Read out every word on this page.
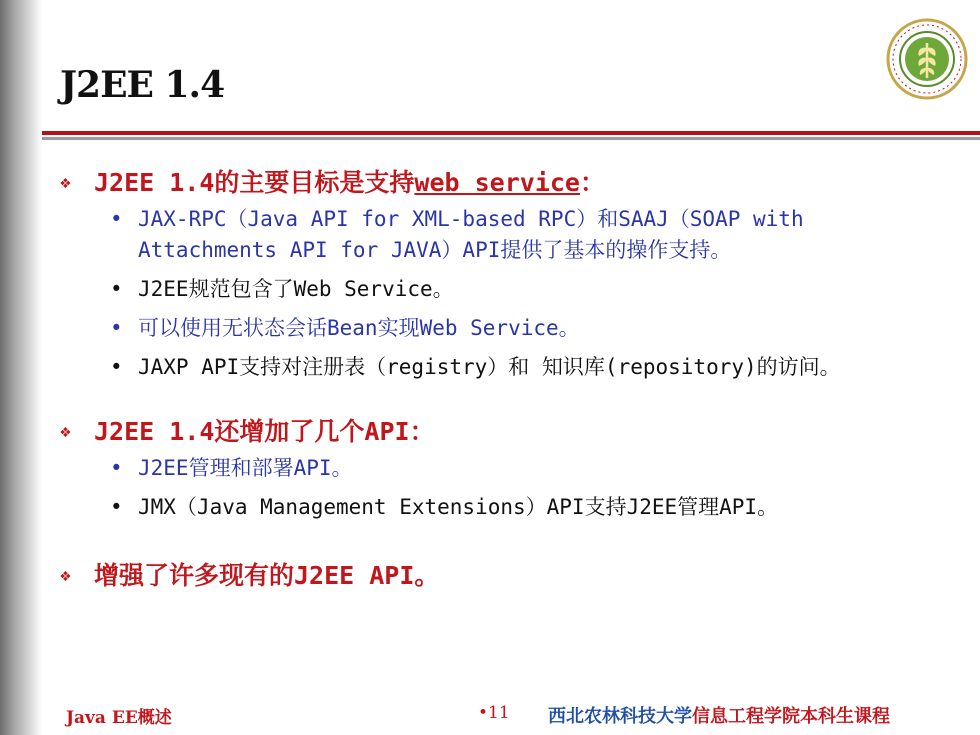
J2EE 1.4
❖ J2EE 1.4的主要目标是支持web service：
• JAX-RPC（Java API for XML-based RPC）和SAAJ（SOAP with
Attachments API for JAVA）API提供了基本的操作支持。
• J2EE规范包含了Web Service。
• 可以使用无状态会话Bean实现Web Service。
• JAXP API支持对注册表（registry）和 知识库(repository)的访问。
❖ J2EE 1.4还增加了几个API：
• J2EE管理和部署API。
• JMX（Java Management Extensions）API支持J2EE管理API。
❖ 增强了许多现有的J2EE API。
Java EE概述	•11 西北农林科技大学信息工程学院本科生课程
